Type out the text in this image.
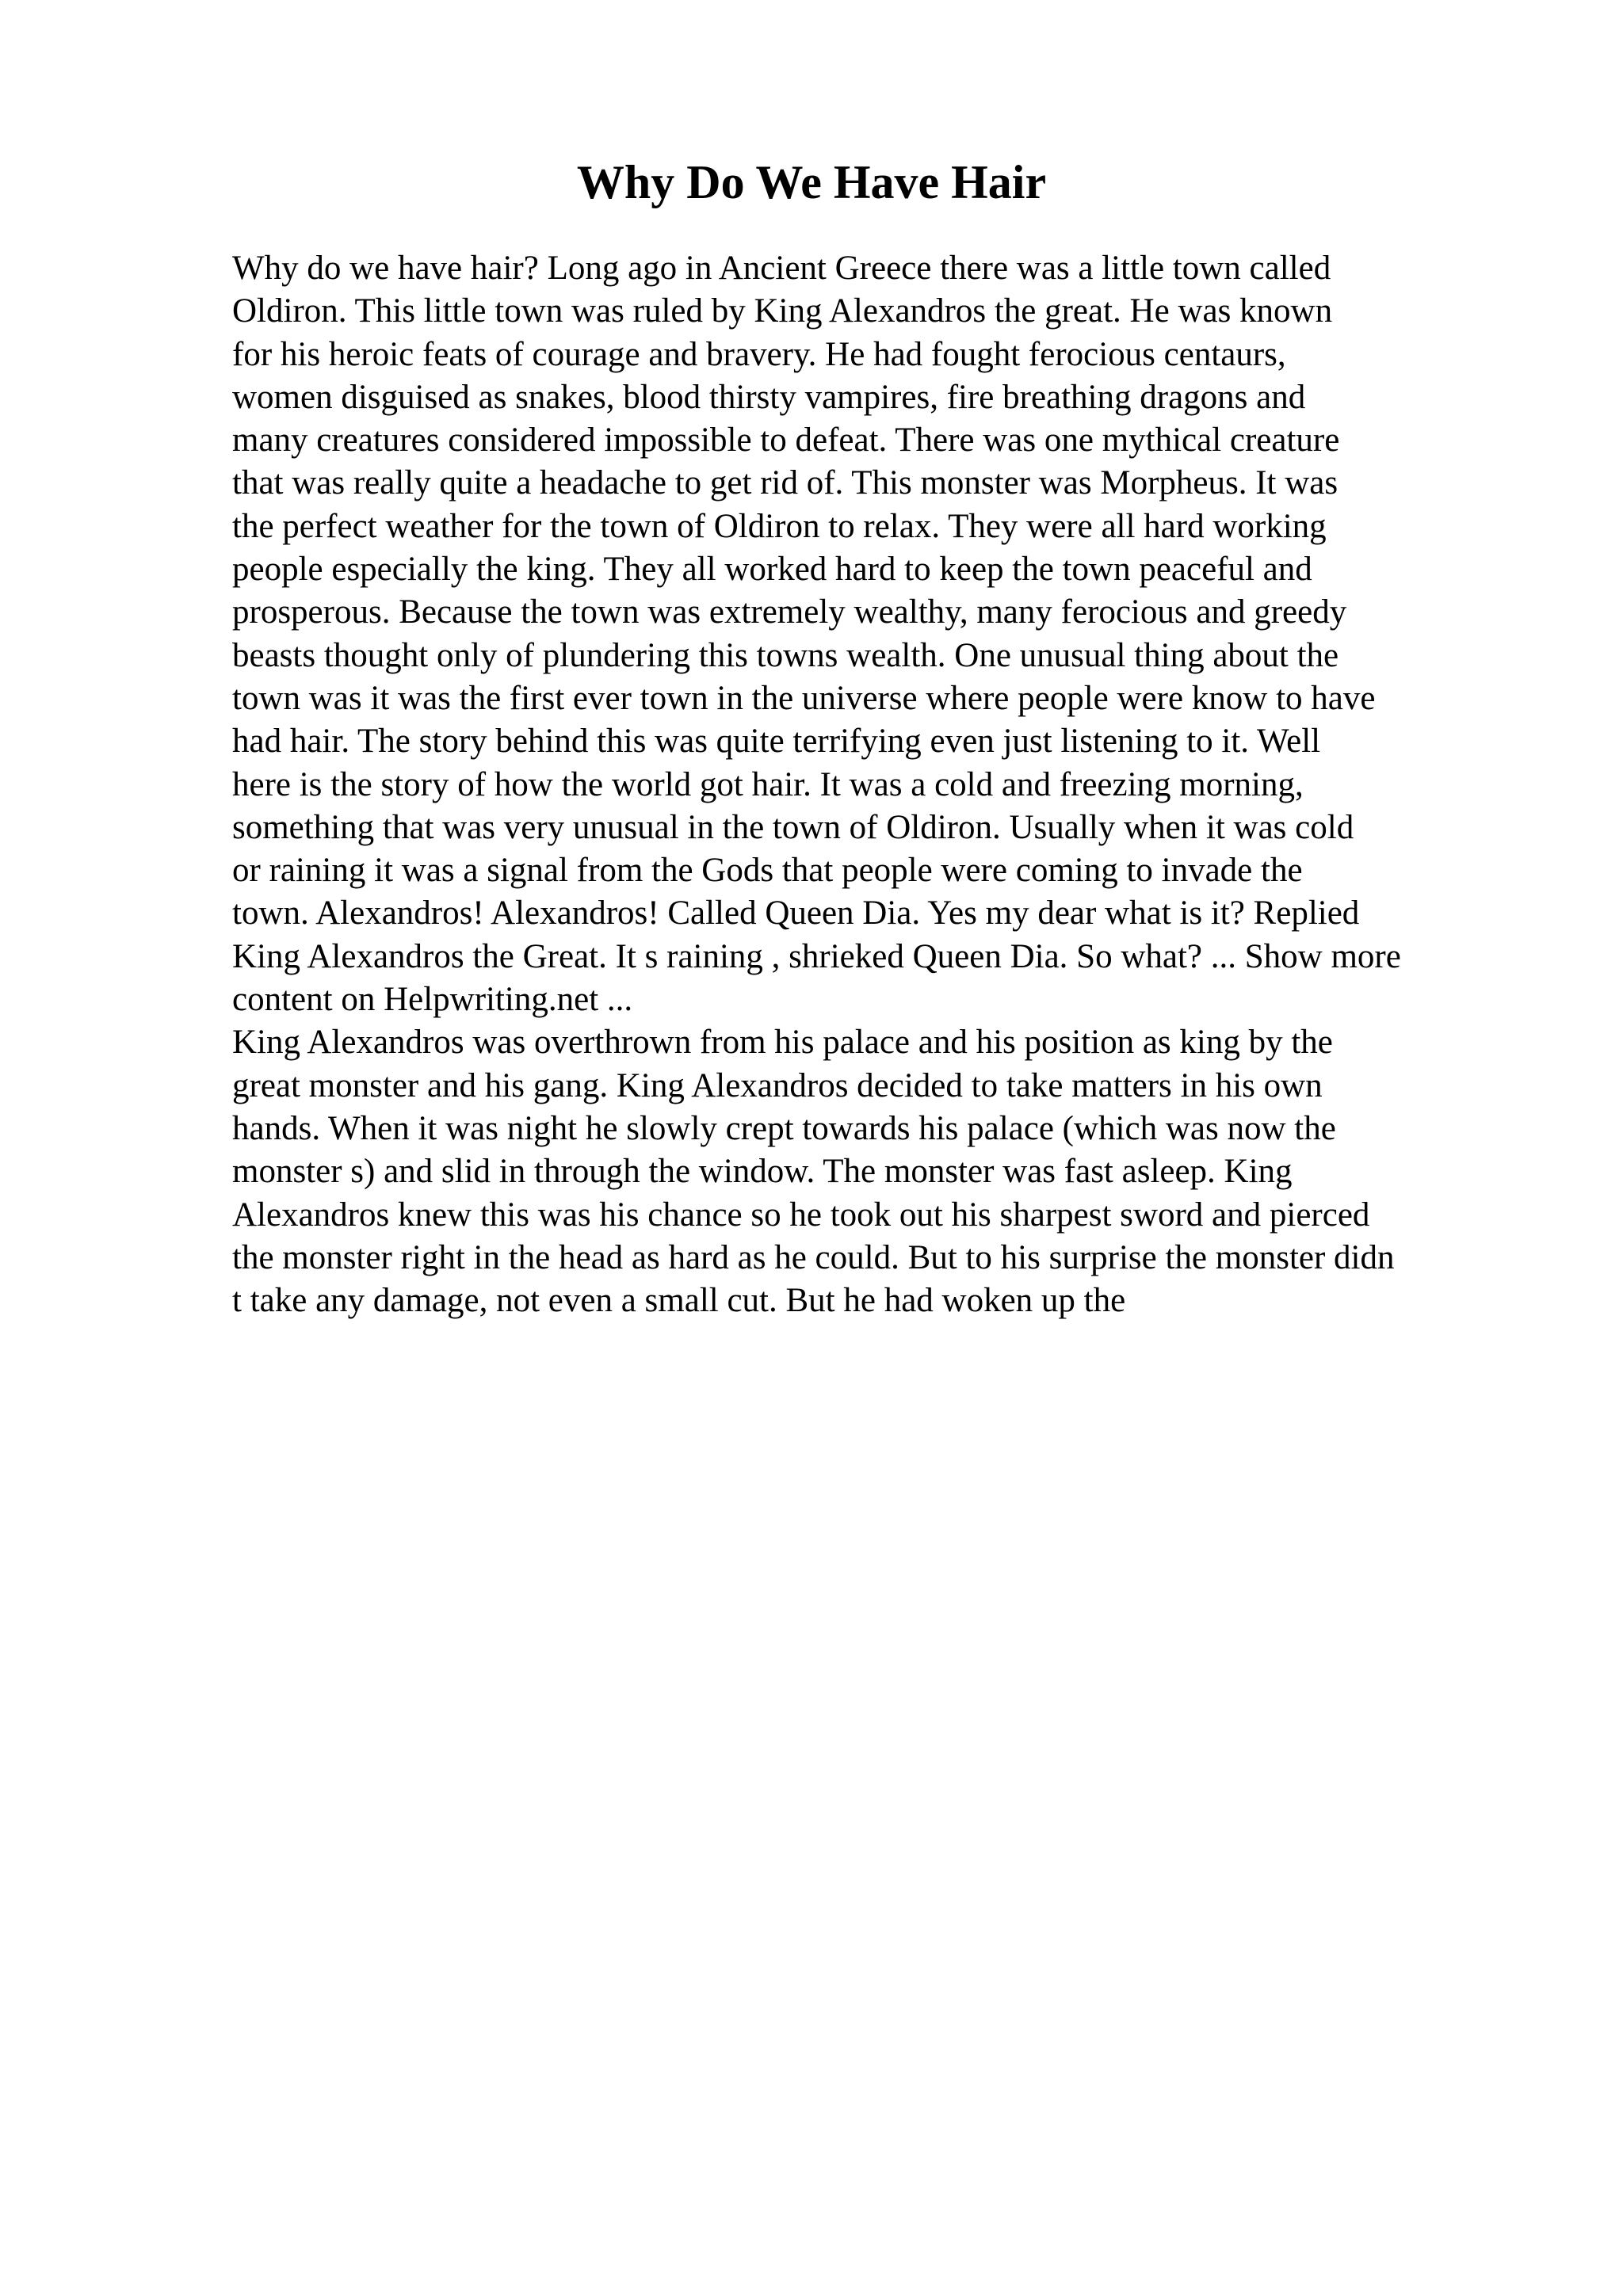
Why Do We Have Hair
Why do we have hair? Long ago in Ancient Greece there was a little town called
Oldiron. This little town was ruled by King Alexandros the great. He was known
for his heroic feats of courage and bravery. He had fought ferocious centaurs,
women disguised as snakes, blood thirsty vampires, fire breathing dragons and
many creatures considered impossible to defeat. There was one mythical creature
that was really quite a headache to get rid of. This monster was Morpheus. It was
the perfect weather for the town of Oldiron to relax. They were all hard working
people especially the king. They all worked hard to keep the town peaceful and
prosperous. Because the town was extremely wealthy, many ferocious and greedy
beasts thought only of plundering this towns wealth. One unusual thing about the
town was it was the first ever town in the universe where people were know to have
had hair. The story behind this was quite terrifying even just listening to it. Well
here is the story of how the world got hair. It was a cold and freezing morning,
something that was very unusual in the town of Oldiron. Usually when it was cold
or raining it was a signal from the Gods that people were coming to invade the
town. Alexandros! Alexandros! Called Queen Dia. Yes my dear what is it? Replied
King Alexandros the Great. It s raining , shrieked Queen Dia. So what? ... Show more
content on Helpwriting.net ...
King Alexandros was overthrown from his palace and his position as king by the
great monster and his gang. King Alexandros decided to take matters in his own
hands. When it was night he slowly crept towards his palace (which was now the
monster s) and slid in through the window. The monster was fast asleep. King
Alexandros knew this was his chance so he took out his sharpest sword and pierced
the monster right in the head as hard as he could. But to his surprise the monster didn
t take any damage, not even a small cut. But he had woken up the
